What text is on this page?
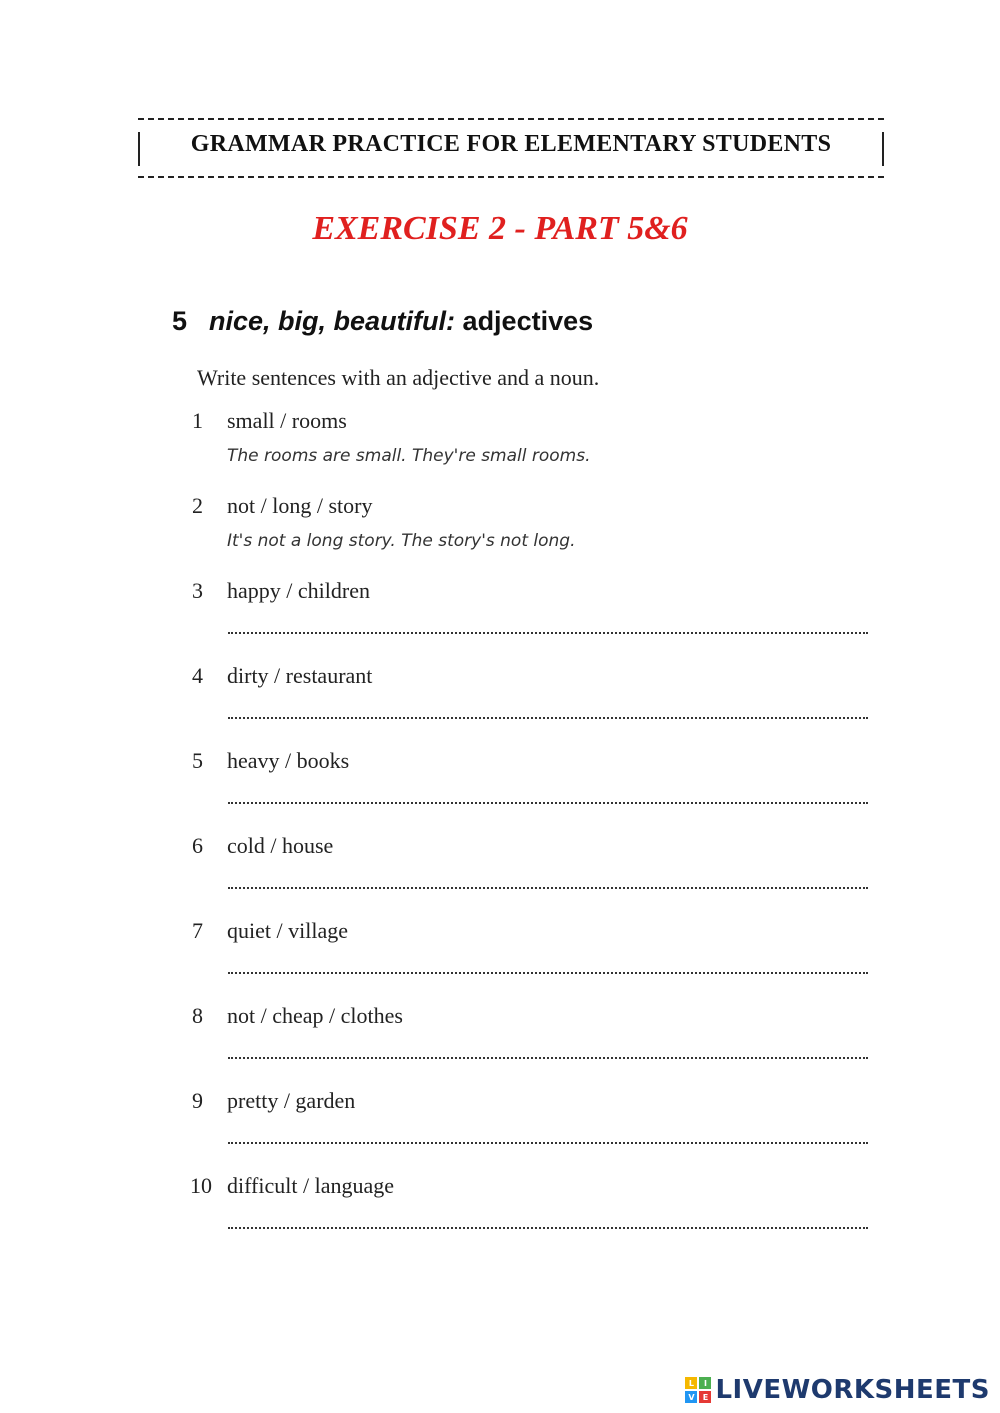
GRAMMAR PRACTICE FOR ELEMENTARY STUDENTS
EXERCISE 2 - PART 5&6
5 nice, big, beautiful: adjectives
Write sentences with an adjective and a noun.
1 small / rooms
The rooms are small. They're small rooms.
2 not / long / story
It's not a long story. The story's not long.
3 happy / children
4 dirty / restaurant
5 heavy / books
6 cold / house
7 quiet / village
8 not / cheap / clothes
9 pretty / garden
10 difficult / language
L	I
V	E LIVEWORKSHEETS
